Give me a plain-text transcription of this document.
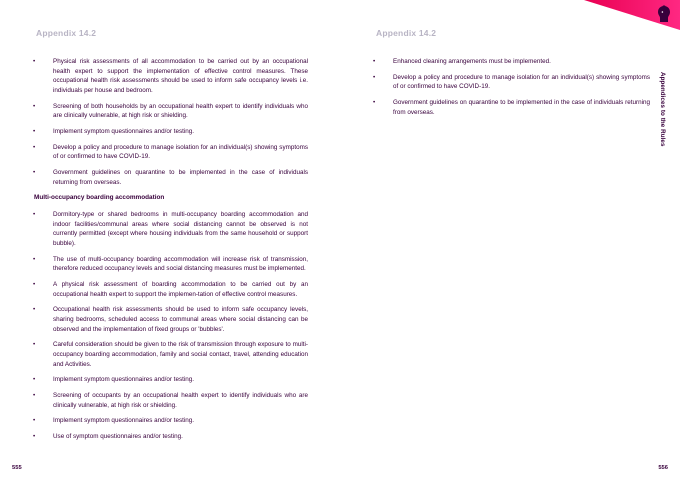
Appendix 14.2	Appendix 14.2
•	Physical risk assessments of all accommodation to be carried out by an occupational health expert to support the implementation of effective control measures. These occupational health risk assessments should be used to inform safe occupancy levels i.e. individuals per house and bedroom.
•	Screening of both households by an occupational health expert to identify individuals who are clinically vulnerable, at high risk or shielding.
•	Implement symptom questionnaires and/or testing.
•	Develop a policy and procedure to manage isolation for an individual(s) showing symptoms of or confirmed to have COVID-19.
•	Government guidelines on quarantine to be implemented in the case of individuals returning from overseas.
Multi-occupancy boarding accommodation
•	Dormitory-type or shared bedrooms in multi-occupancy boarding accommodation and indoor facilities/communal areas where social distancing cannot be observed is not currently permitted (except where housing individuals from the same household or support bubble).
•	The use of multi-occupancy boarding accommodation will increase risk of transmission, therefore reduced occupancy levels and social distancing measures must be implemented.
•	A physical risk assessment of boarding accommodation to be carried out by an occupational health expert to support the implemen-tation of effective control measures.
•	Occupational health risk assessments should be used to inform safe occupancy levels, sharing bedrooms, scheduled access to communal areas where social distancing can be observed and the implementation of fixed groups or 'bubbles'.
•	Careful consideration should be given to the risk of transmission through exposure to multi-occupancy boarding accommodation, family and social contact, travel, attending education and Activities.
•	Implement symptom questionnaires and/or testing.
•	Screening of occupants by an occupational health expert to identify individuals who are clinically vulnerable, at high risk or shielding.
•	Implement symptom questionnaires and/or testing.
•	Use of symptom questionnaires and/or testing.
•	Enhanced cleaning arrangements must be implemented.
•	Develop a policy and procedure to manage isolation for an individual(s) showing symptoms of or confirmed to have COVID-19.
•	Government guidelines on quarantine to be implemented in the case of individuals returning from overseas.	Appendices to the Rules
555	556
